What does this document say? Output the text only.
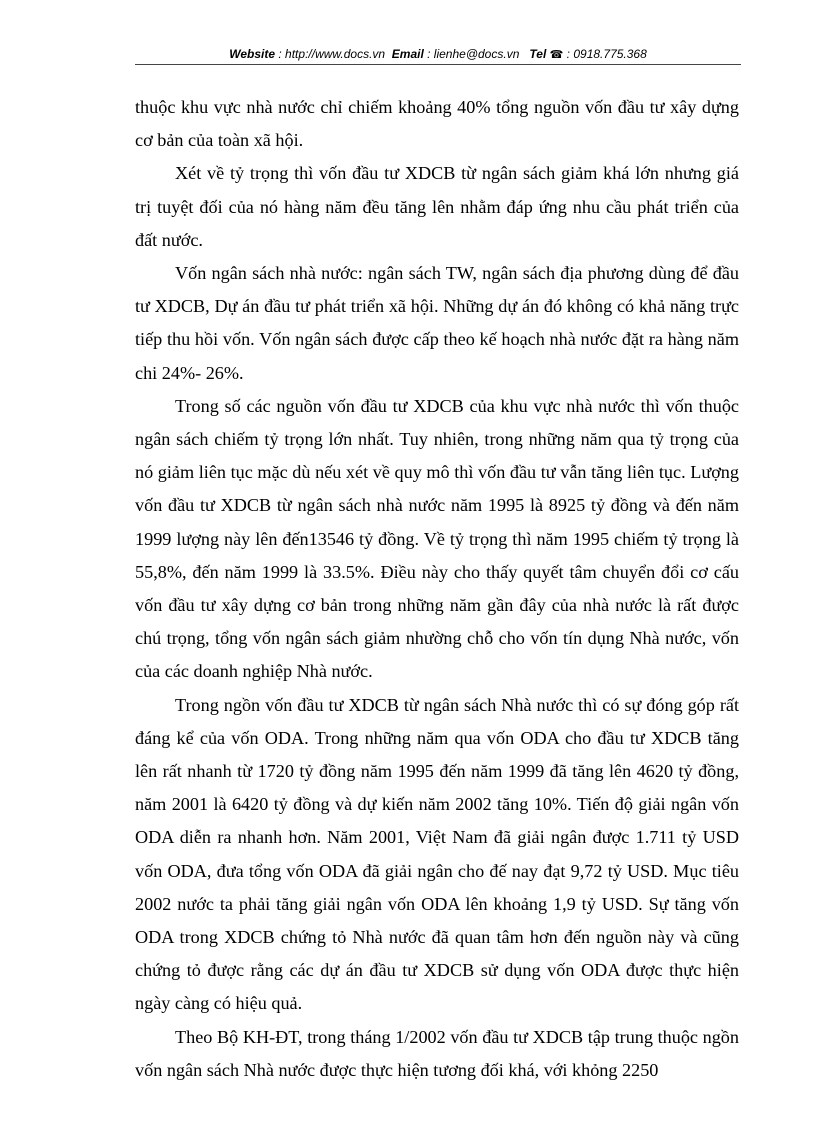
Website : http://www.docs.vn Email : lienhe@docs.vn Tel ☎ : 0918.775.368

thuộc khu vực nhà nước chỉ chiếm khoảng 40% tổng nguồn vốn đầu tư xây dựng cơ bản của toàn xã hội.

Xét về tỷ trọng thì vốn đầu tư XDCB từ ngân sách giảm khá lớn nhưng giá trị tuyệt đối của nó hàng năm đều tăng lên nhằm đáp ứng nhu cầu phát triển của đất nước.

Vốn ngân sách nhà nước: ngân sách TW, ngân sách địa phương dùng để đầu tư XDCB, Dự án đầu tư phát triển xã hội. Những dự án đó không có khả năng trực tiếp thu hồi vốn. Vốn ngân sách được cấp theo kế hoạch nhà nước đặt ra hàng năm chi 24%- 26%.

Trong số các nguồn vốn đầu tư XDCB của khu vực nhà nước thì vốn thuộc ngân sách chiếm tỷ trọng lớn nhất. Tuy nhiên, trong những năm qua tỷ trọng của nó giảm liên tục mặc dù nếu xét về quy mô thì vốn đầu tư vẫn tăng liên tục. Lượng vốn đầu tư XDCB từ ngân sách nhà nước năm 1995 là 8925 tỷ đồng và đến năm 1999 lượng này lên đến13546 tỷ đồng. Về tỷ trọng thì năm 1995 chiếm tỷ trọng là 55,8%, đến năm 1999 là 33.5%. Điều này cho thấy quyết tâm chuyển đổi cơ cấu vốn đầu tư xây dựng cơ bản trong những năm gần đây của nhà nước là rất được chú trọng, tổng vốn ngân sách giảm nhường chỗ cho vốn tín dụng Nhà nước, vốn của các doanh nghiệp Nhà nước.

Trong ngồn vốn đầu tư XDCB từ ngân sách Nhà nước thì có sự đóng góp rất đáng kể của vốn ODA. Trong những năm qua vốn ODA cho đầu tư XDCB tăng lên rất nhanh từ 1720 tỷ đồng năm 1995 đến năm 1999 đã tăng lên 4620 tỷ đồng, năm 2001 là 6420 tỷ đồng và dự kiến năm 2002 tăng 10%. Tiến độ giải ngân vốn ODA diễn ra nhanh hơn. Năm 2001, Việt Nam đã giải ngân được 1.711 tỷ USD vốn ODA, đưa tổng vốn ODA đã giải ngân cho đế nay đạt 9,72 tỷ USD. Mục tiêu 2002 nước ta phải tăng giải ngân vốn ODA lên khoảng 1,9 tỷ USD. Sự tăng vốn ODA trong XDCB chứng tỏ Nhà nước đã quan tâm hơn đến nguồn này và cũng chứng tỏ được rằng các dự án đầu tư XDCB sử dụng vốn ODA được thực hiện ngày càng có hiệu quả.

Theo Bộ KH-ĐT, trong tháng 1/2002 vốn đầu tư XDCB tập trung thuộc ngồn vốn ngân sách Nhà nước được thực hiện tương đối khá, với khỏng 2250
